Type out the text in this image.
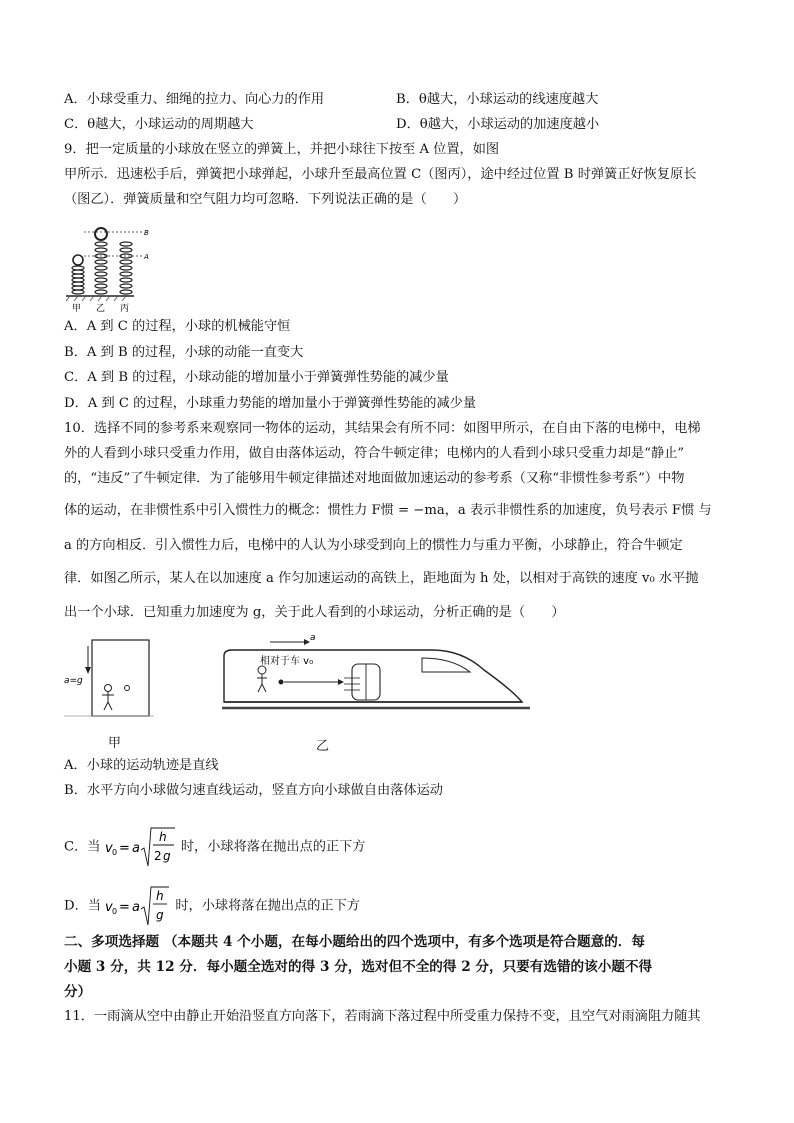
A．小球受重力、细绳的拉力、向心力的作用	B．θ越大，小球运动的线速度越大
C．θ越大，小球运动的周期越大	D．θ越大，小球运动的加速度越小
9．把一定质量的小球放在竖立的弹簧上，并把小球往下按至 A 位置，如图
甲所示．迅速松手后，弹簧把小球弹起，小球升至最高位置 C（图丙），途中经过位置 B 时弹簧正好恢复原长
（图乙）．弹簧质量和空气阻力均可忽略．下列说法正确的是（　　）
B
A
甲 乙 丙
A．A 到 C 的过程，小球的机械能守恒
B．A 到 B 的过程，小球的动能一直变大
C．A 到 B 的过程，小球动能的增加量小于弹簧弹性势能的减少量
D．A 到 C 的过程，小球重力势能的增加量小于弹簧弹性势能的减少量
10．选择不同的参考系来观察同一物体的运动，其结果会有所不同：如图甲所示，在自由下落的电梯中，电梯
外的人看到小球只受重力作用，做自由落体运动，符合牛顿定律；电梯内的人看到小球只受重力却是“静止”
的，“违反”了牛顿定律．为了能够用牛顿定律描述对地面做加速运动的参考系（又称“非惯性参考系”）中物
体的运动，在非惯性系中引入惯性力的概念：惯性力 F惯 = −ma，a 表示非惯性系的加速度，负号表示 F惯 与
a 的方向相反．引入惯性力后，电梯中的人认为小球受到向上的惯性力与重力平衡，小球静止，符合牛顿定
律．如图乙所示，某人在以加速度 a 作匀加速运动的高铁上，距地面为 h 处，以相对于高铁的速度 v₀ 水平抛
出一个小球．已知重力加速度为 g，关于此人看到的小球运动，分析正确的是（　　）
a=g
a
相对于车 v₀
甲	乙
A．小球的运动轨迹是直线
B．水平方向小球做匀速直线运动，竖直方向小球做自由落体运动
C．当 v 0 = a
h
2 g
时，小球将落在抛出点的正下方
D．当 v 0 = a
h
g
时，小球将落在抛出点的正下方
二、多项选择题 （本题共 4 个小题，在每小题给出的四个选项中，有多个选项是符合题意的．每
小题 3 分，共 12 分．每小题全选对的得 3 分，选对但不全的得 2 分，只要有选错的该小题不得
分）
11．一雨滴从空中由静止开始沿竖直方向落下，若雨滴下落过程中所受重力保持不变，且空气对雨滴阻力随其
